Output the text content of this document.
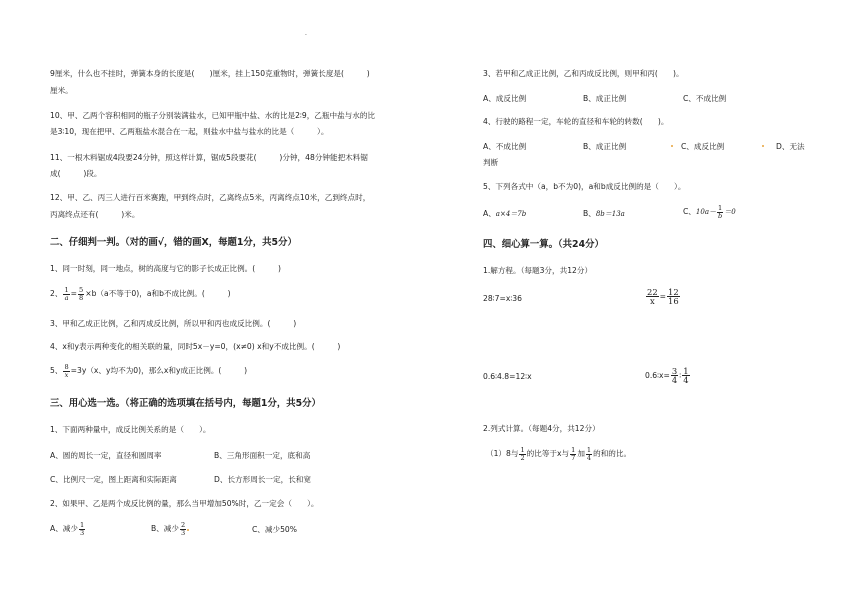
.
9厘米，什么也不挂时，弹簧本身的长度是(　　)厘米，挂上150克重物时，弹簧长度是(　　　)
厘米。
10、甲、乙两个容积相同的瓶子分别装满盐水，已知甲瓶中盐、水的比是2∶9，乙瓶中盐与水的比
是3∶10，现在把甲、乙两瓶盐水混合在一起，则盐水中盐与盐水的比是（　　　）。
11、一根木料锯成4段要24分钟，照这样计算，锯成5段要花(　　　)分钟，48分钟能把木料锯
成(　　　)段。
12、甲、乙、丙三人进行百米赛跑，甲到终点时，乙离终点5米，丙离终点10米，乙到终点时，
丙离终点还有(　　　)米。
二、仔细判一判。（对的画√，错的画X，每题1分，共5分）
1、同一时刻，同一地点，树的高度与它的影子长成正比例。(　　　)
2、 $\frac{1}{a} = \frac{5}{8} \times b(a$不等于0)，a和b不成比例。(　　　)
3、甲和乙成正比例，乙和丙成反比例，所以甲和丙也成反比例。(　　　)
4、x和y表示两种变化的相关联的量，同时5x－y=0，(x≠0) x和y不成比例。(　　　)
5、 $\frac{8}{x} =3y(x$、y均不为0)，那么x和y成正比例。(　　　)
三、用心选一选。（将正确的选项填在括号内，每题1分，共5分）
1、下面两种量中，成反比例关系的是（　　）。
A、圆的周长一定，直径和圆周率	B、三角形面积一定，底和高
C、比例尺一定，图上距离和实际距离	D、长方形周长一定，长和宽
2、如果甲、乙是两个成反比例的量，那么当甲增加50%时，乙一定会（　　）。
A、减少 $\frac{1}{3}$	B、减少 $\frac{2}{3}$	C、减少50%
3、若甲和乙成正比例，乙和丙成反比例，则甲和丙(　　)。
A、成反比例	B、成正比例	C、不成比例
4、行驶的路程一定，车轮的直径和车轮的转数(　　)。
A、不成比例	B、成正比例	C、成反比例	D、无法
判断
5、下列各式中（a，b不为0)，a和b成反比例的是（　　）。
A、a×4＝7b	B、8b＝13a	C、$10a- \frac{1}{b} =0$
四、细心算一算。（共24分）
1.解方程。（每题3分，共12分）
28∶7=x∶36	$\frac{22}{x} = \frac{12}{16}$
0.6∶4.8=12∶x	0.6∶x= $\frac{3}{4}$ ∶ $\frac{1}{4}$
2.列式计算。（每题4分，共12分）
（1）8与 $\frac{1}{2}$ 的比等于x与 $\frac{1}{7}$ 加 $\frac{1}{4}$ 的和的比。
